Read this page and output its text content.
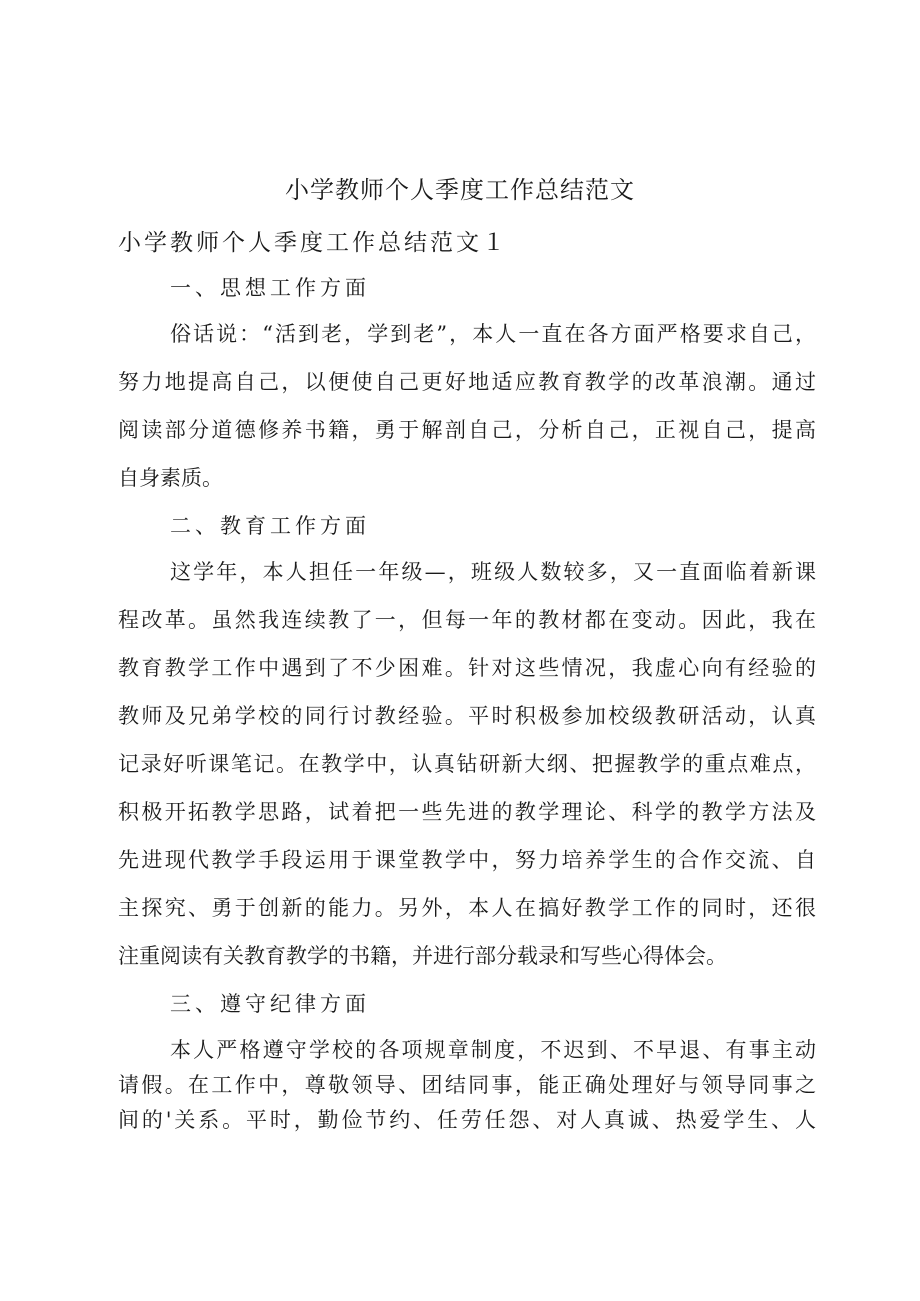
小学教师个人季度工作总结范文
小学教师个人季度工作总结范文１
一、思想工作方面
俗话说：“活到老，学到老”，本人一直在各方面严格要求自己，
努力地提高自己，以便使自己更好地适应教育教学的改革浪潮。通过
阅读部分道德修养书籍，勇于解剖自己，分析自己，正视自己，提高
自身素质。
二、教育工作方面
这学年，本人担任一年级—，班级人数较多，又一直面临着新课
程改革。虽然我连续教了一，但每一年的教材都在变动。因此，我在
教育教学工作中遇到了不少困难。针对这些情况，我虚心向有经验的
教师及兄弟学校的同行讨教经验。平时积极参加校级教研活动，认真
记录好听课笔记。在教学中，认真钻研新大纲、把握教学的重点难点，
积极开拓教学思路，试着把一些先进的教学理论、科学的教学方法及
先进现代教学手段运用于课堂教学中，努力培养学生的合作交流、自
主探究、勇于创新的能力。另外，本人在搞好教学工作的同时，还很
注重阅读有关教育教学的书籍，并进行部分载录和写些心得体会。
三、遵守纪律方面
本人严格遵守学校的各项规章制度，不迟到、不早退、有事主动
请假。在工作中，尊敬领导、团结同事，能正确处理好与领导同事之
间的'关系。平时，勤俭节约、任劳任怨、对人真诚、热爱学生、人
